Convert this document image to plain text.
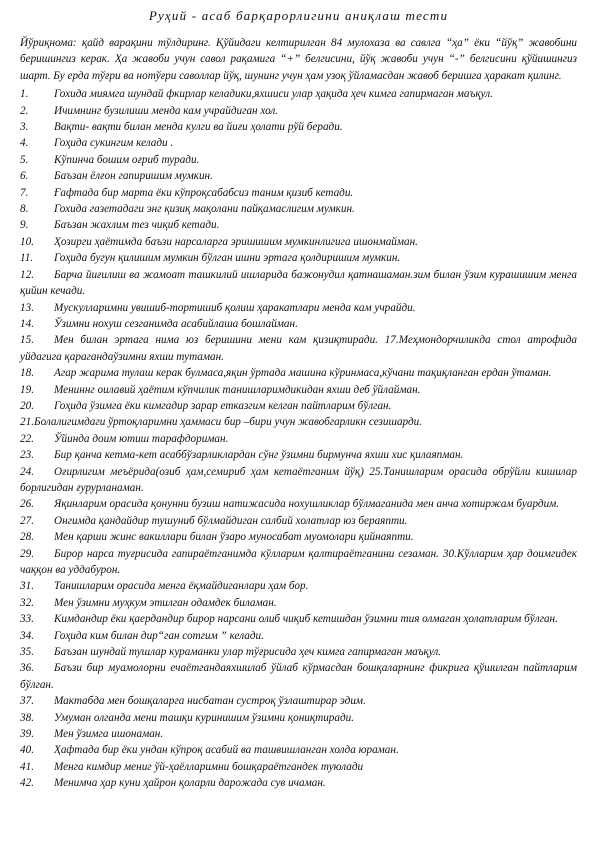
Руҳий - асаб барқарорлигини аниқлаш тести

Йўриқнома: қайд варақини тўлдиринг. Қўйидаги келтирилган 84 мулохаза ва савлга “ҳа” ёки “йўқ” жавобини беришингиз керак. Ҳа жавоби учун савол рақамига “+” белгисини, йўқ жавоби учун “-” белгисини қўйишингиз шарт. Бу ерда тўғри ва нотўғри саволлар йўқ, шунинг учун ҳам узоқ ўйламасдан жавоб беришга ҳаракат қилинг.

1. Гохида миямга шундай фкирлар келадики,яхшиси улар ҳақида ҳеч кимга гапирмаган маъқул.

2. Ичимнинг бузилиши менда кам учрайдиган хол.

3. Вақти- вақти билан менда кулги ва йиғи ҳолати рўй беради.

4. Гоҳида сукингим келади .

5. Кўпинча бошим оғриб туради.

6. Баъзан ёлғон гапиришим мумкин.

7. Ғафтада бир марта ёки кўпроқсабабсиз таним қизиб кетади.

8. Гохида газетадаги энг қизиқ мақолани пайқамаслигим мумкин.

9. Баъзан жахлим тез чиқиб кетади.

10. Ҳозирги ҳаётимда баъзи нарсаларга эришишим мумкинлигига ишонмайман.

11. Гоҳида бугун қилишим мумкин бўлган ишни эртага қолдиришим мумкин.

12. Барча йиғилиш ва жамоат ташкилий ишларида бажонудил қатнашаман.зим билан ўзим курашишим менга қийин кечади.

13. Мускулларимни увишиб-тортишиб қолиш ҳаракатлари менда кам учрайди.

14. Ўзимни нохуш сезганимда асабийлаша бошлайман.

15. Мен билан эртага нима юз беришини мени кам қизиқтиради. 17.Меҳмондорчиликда стол атрофида уйдагига қарагандаўзимни яхши тутаман.

18. Агар жарима тулаш керак булмаса,яқин ўртада машина кўринмаса,кўчани тақиқланган ердан ўтаман.

19. Мениннг оилавий ҳаётим кўпчилик танишларимдикидан яхши деб ўйлайман.

20. Гоҳида ўзимга ёки кимгадир зарар етказгим келган пайтларим бўлган.

21.Болалигимдаги ўртоқларимни ҳаммаси бир –бири учун жавобгарликн сезишарди.

22. Ўйинда доим ютиш тарафдориман.

23. Бир қанча кетма-кет асаббўзарликлардан сўнг ўзимни бирмунча яхши хис қилаяпман.

24. Оғирлигим меъёрида(озиб ҳам,семириб ҳам кетаётганим йўқ) 25.Танишларим орасида обрўйли кишилар борлигидан ғурурланаман.

26. Яқинларим орасида қонунни бузиш натижасида нохушликлар бўлмаганида мен анча хотиржам буардим.

27. Онгимда қандайдир тушуниб бўлмайдиган салбий холатлар юз бераяпти.

28. Мен қарши жинс вакиллари билан ўзаро муносабат муомолари қийнаяпти.

29. Бирор нарса туғрисида гапираётганимда кўлларим қалтираётганини сезаман. 30.Кўлларим ҳар доимгидек чаққон ва уддабурон.

31. Танишларим орасида менга ёқмайдиганлари ҳам бор.

32. Мен ўзимни муҳкум этилган одамдек биламан.

33. Кимдандир ёки қаердандир бирор нарсани олиб чиқиб кетишдан ўзимни тия олмаган ҳолатларим бўлган.

34. Гоҳида ким билан дир“ган сотгим ” келади.

35. Баъзан шундай тушлар кураманки улар тўғрисида ҳеч кимга гапирмаган маъқул.

36. Баъзи бир муамолорни ечаётгандаяхшилаб ўйлаб кўрмасдан бошқаларнинг фикрига қўшилган пайтларим бўлган.

37. Мактабда мен бошқаларга нисбатан сустроқ ўзлаштирар эдим.

38. Умуман олганда мени ташқи куринишим ўзимни қониқтиради.

39. Мен ўзимга ишонаман.

40. Ҳафтада бир ёки ундан кўпроқ асабий ва ташвишланган холда юраман.

41. Менга кимдир мениг ўй-ҳаёлларимни бошқараётгандек туюлади

42. Менимча ҳар куни ҳайрон қоларли дарожада сув ичаман.
